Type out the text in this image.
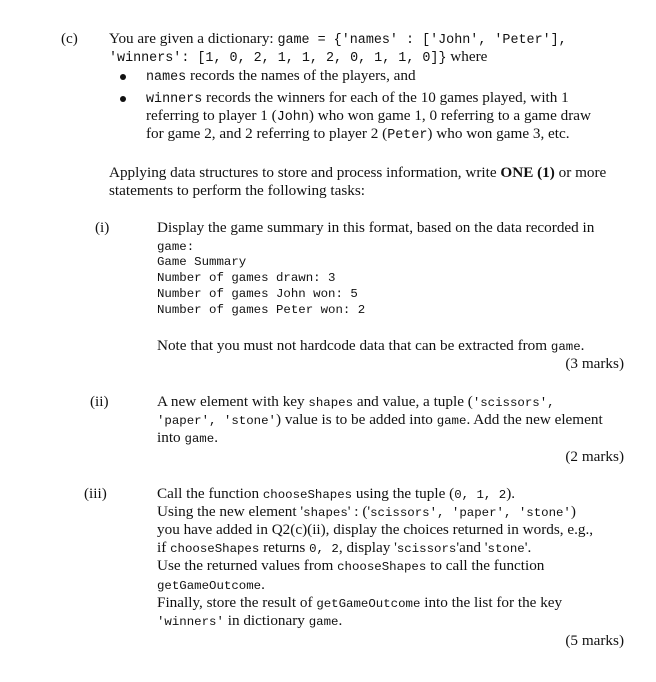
(c) You are given a dictionary: game = {'names' : ['John', 'Peter'],
'winners': [1, 0, 2, 1, 1, 2, 0, 1, 1, 0]} where
names records the names of the players, and
winners records the winners for each of the 10 games played, with 1
referring to player 1 (John) who won game 1, 0 referring to a game draw
for game 2, and 2 referring to player 2 (Peter) who won game 3, etc.
Applying data structures to store and process information, write ONE (1) or more
statements to perform the following tasks:
(i)	Display the game summary in this format, based on the data recorded in
game:
Game Summary
Number of games drawn: 3
Number of games John won: 5
Number of games Peter won: 2
Note that you must not hardcode data that can be extracted from game.
(3 marks)
(ii)	A new element with key shapes and value, a tuple ('scissors',
'paper', 'stone') value is to be added into game. Add the new element
into game.
(2 marks)
(iii)	Call the function chooseShapes using the tuple (0, 1, 2).
Using the new element 'shapes' : ('scissors', 'paper', 'stone')
you have added in Q2(c)(ii), display the choices returned in words, e.g.,
if chooseShapes returns 0, 2, display 'scissors'and 'stone'.
Use the returned values from chooseShapes to call the function
getGameOutcome.
Finally, store the result of getGameOutcome into the list for the key
'winners' in dictionary game.
(5 marks)
